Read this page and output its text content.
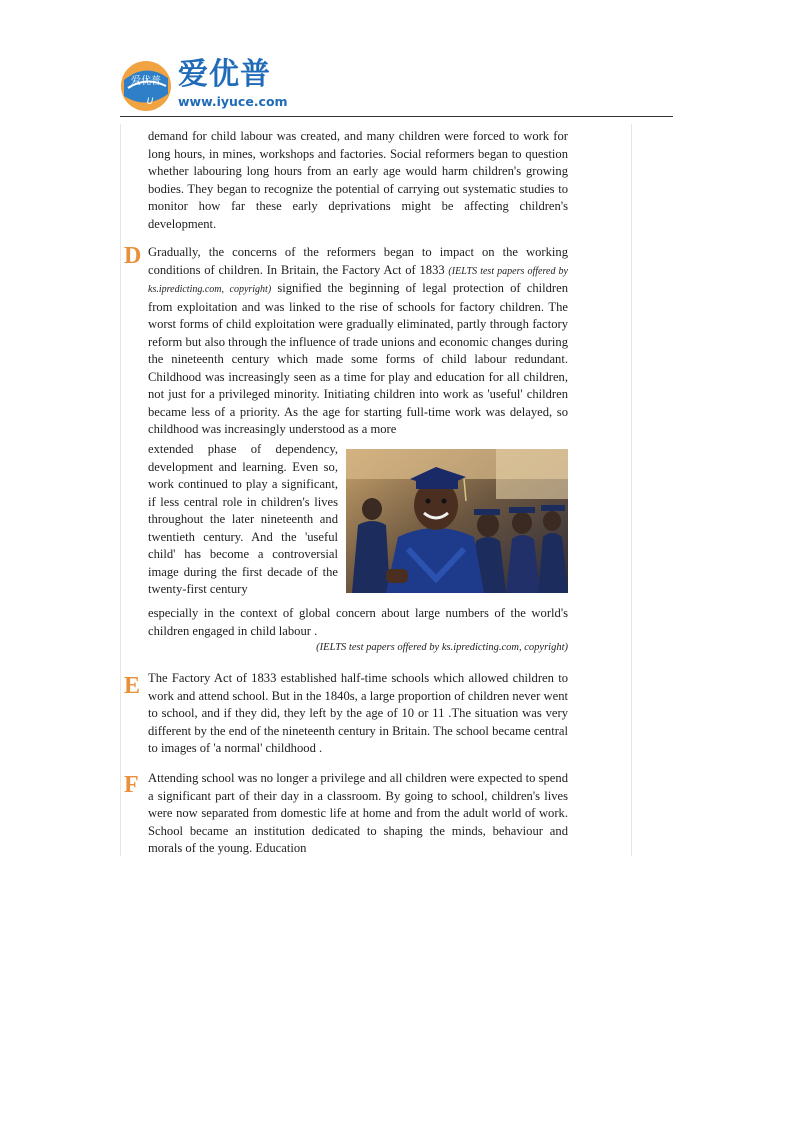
爱优普
U
爱优普
www.iyuce.com

demand for child labour was created, and many children were forced to work for long hours, in mines, workshops and factories. Social reformers began to question whether labouring long hours from an early age would harm children's growing bodies. They began to recognize the potential of carrying out systematic studies to monitor how far these early deprivations might be affecting children's development.

D Gradually, the concerns of the reformers began to impact on the working conditions of children. In Britain, the Factory Act of 1833 (IELTS test papers offered by ks.ipredicting.com, copyright) signified the beginning of legal protection of children from exploitation and was linked to the rise of schools for factory children. The worst forms of child exploitation were gradually eliminated, partly through factory reform but also through the influence of trade unions and economic changes during the nineteenth century which made some forms of child labour redundant. Childhood was increasingly seen as a time for play and education for all children, not just for a privileged minority. Initiating children into work as 'useful' children became less of a priority. As the age for starting full-time work was delayed, so childhood was increasingly understood as a more

extended phase of dependency, development and learning. Even so, work continued to play a significant, if less central role in children's lives throughout the later nineteenth and twentieth century. And the 'useful child' has become a controversial image during the first decade of the twenty-first century

especially in the context of global concern about large numbers of the world's children engaged in child labour .

(IELTS test papers offered by ks.ipredicting.com, copyright)

E The Factory Act of 1833 established half-time schools which allowed children to work and attend school. But in the 1840s, a large proportion of children never went to school, and if they did, they left by the age of 10 or 11 .The situation was very different by the end of the nineteenth century in Britain. The school became central to images of 'a normal' childhood .

F Attending school was no longer a privilege and all children were expected to spend a significant part of their day in a classroom. By going to school, children's lives were now separated from domestic life at home and from the adult world of work. School became an institution dedicated to shaping the minds, behaviour and morals of the young. Education
